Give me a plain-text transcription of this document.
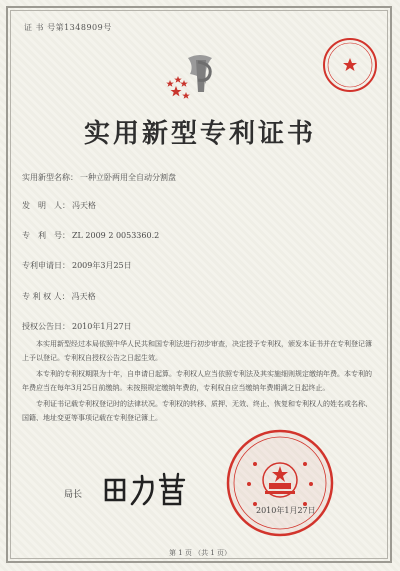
证 书 号第1348909号
实用新型专利证书
实用新型名称： 一种立卧两用全自动分割盘
发　明　人： 冯天格
专　利　号： ZL 2009 2 0053360.2
专利申请日： 2009年3月25日
专 利 权 人： 冯天格
授权公告日： 2010年1月27日

本实用新型经过本局依照中华人民共和国专利法进行初步审查，决定授予专利权，颁发本证书并在专利登记簿上予以登记。专利权自授权公告之日起生效。

本专利的专利权期限为十年，自申请日起算。专利权人应当依照专利法及其实施细则规定缴纳年费。本专利的年费应当在每年3月25日前缴纳。未按照规定缴纳年费的，专利权自应当缴纳年费期满之日起终止。

专利证书记载专利权登记时的法律状况。专利权的转移、质押、无效、终止、恢复和专利权人的姓名或名称、国籍、地址变更等事项记载在专利登记簿上。

局长
2010年1月27日
第 1 页 （共 1 页）
